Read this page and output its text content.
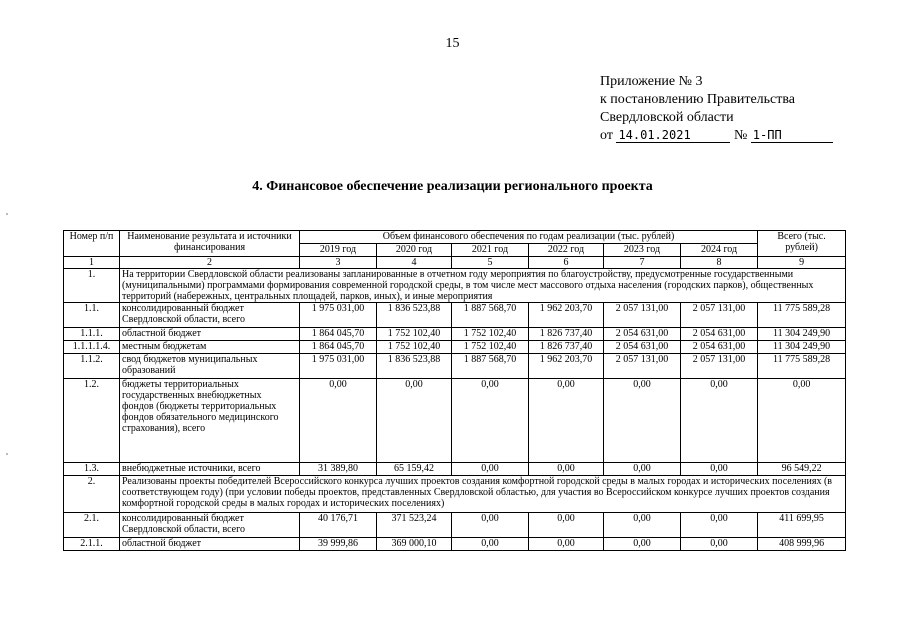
15
Приложение № 3
к постановлению Правительства
Свердловской области
от 14.01.2021	№ 1-ПП
4. Финансовое обеспечение реализации регионального проекта
Номер п/п	Наименование результата и источники финансирования	Объем финансового обеспечения по годам реализации (тыс. рублей)						Всего (тыс. рублей)
		2019 год	2020 год	2021 год	2022 год	2023 год	2024 год	
1	2	3	4	5	6	7	8	9
1.	На территории Свердловской области реализованы запланированные в отчетном году мероприятия по благоустройству, предусмотренные государственными (муниципальными) программами формирования современной городской среды, в том числе мест массового отдыха населения (городских парков), общественных территорий (набережных, центральных площадей, парков, иных), и иные мероприятия							
1.1.	консолидированный бюджет Свердловской области, всего	1 975 031,00	1 836 523,88	1 887 568,70	1 962 203,70	2 057 131,00	2 057 131,00	11 775 589,28
1.1.1.	областной бюджет	1 864 045,70	1 752 102,40	1 752 102,40	1 826 737,40	2 054 631,00	2 054 631,00	11 304 249,90
1.1.1.1.4.	местным бюджетам	1 864 045,70	1 752 102,40	1 752 102,40	1 826 737,40	2 054 631,00	2 054 631,00	11 304 249,90
1.1.2.	свод бюджетов муниципальных образований	1 975 031,00	1 836 523,88	1 887 568,70	1 962 203,70	2 057 131,00	2 057 131,00	11 775 589,28
1.2.	бюджеты территориальных государственных внебюджетных фондов (бюджеты территориальных фондов обязательного медицинского страхования), всего	0,00	0,00	0,00	0,00	0,00	0,00	0,00
1.3.	внебюджетные источники, всего	31 389,80	65 159,42	0,00	0,00	0,00	0,00	96 549,22
2.	Реализованы проекты победителей Всероссийского конкурса лучших проектов создания комфортной городской среды в малых городах и исторических поселениях (в соответствующем году) (при условии победы проектов, представленных Свердловской областью, для участия во Всероссийском конкурсе лучших проектов создания комфортной городской среды в малых городах и исторических поселениях)							
2.1.	консолидированный бюджет Свердловской области, всего	40 176,71	371 523,24	0,00	0,00	0,00	0,00	411 699,95
2.1.1.	областной бюджет	39 999,86	369 000,10	0,00	0,00	0,00	0,00	408 999,96
